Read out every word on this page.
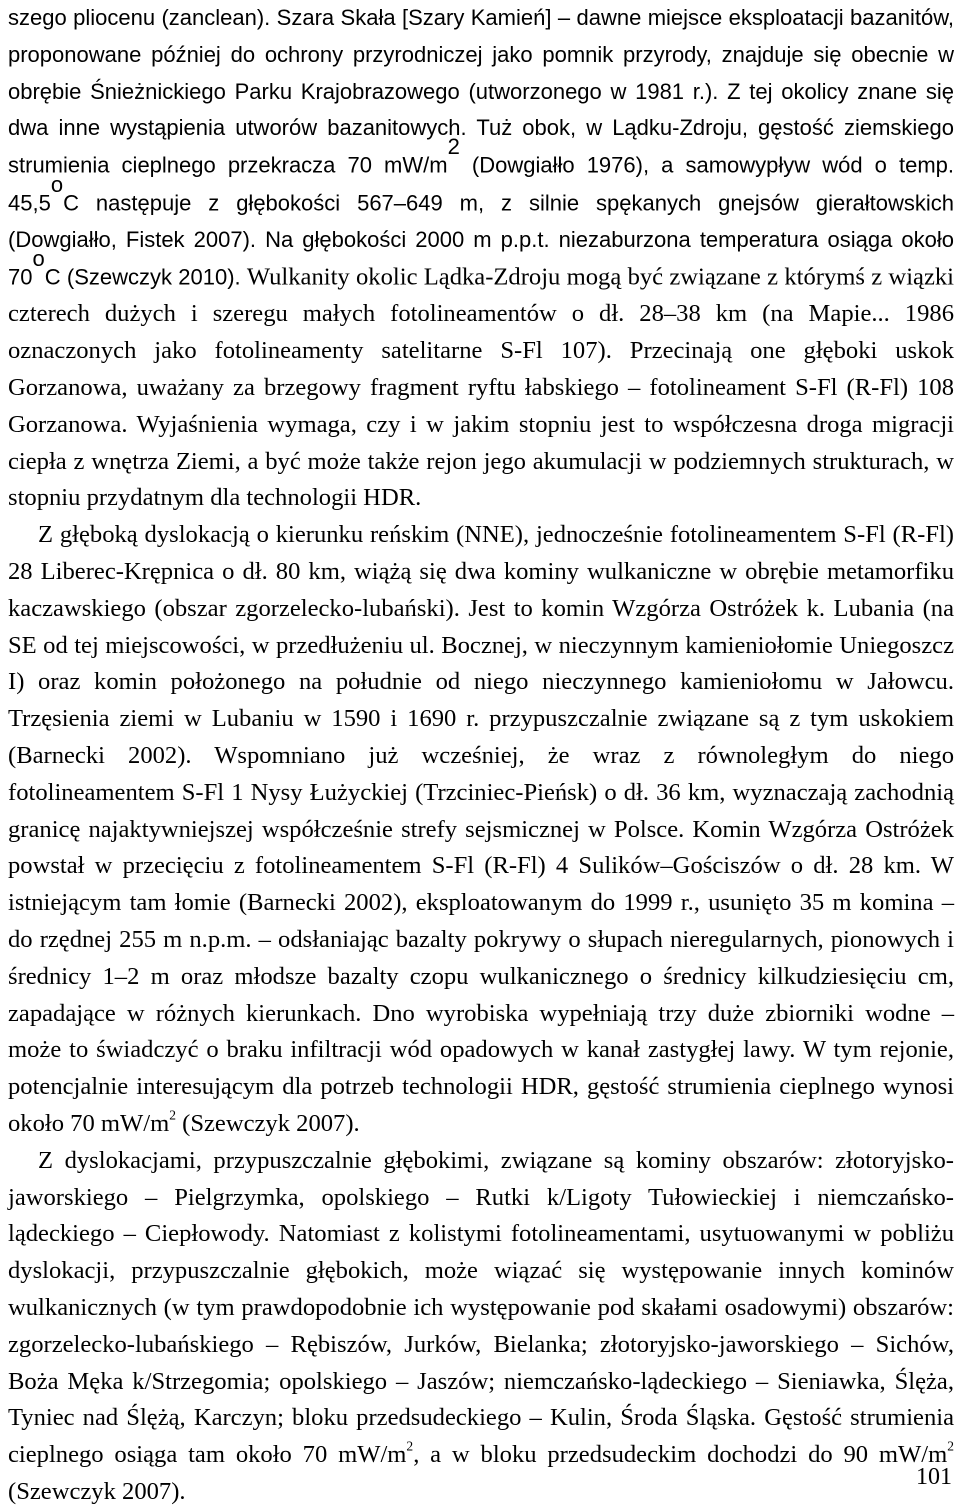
szego pliocenu (zanclean). Szara Skała [Szary Kamień] – dawne miejsce eksploatacji bazanitów, proponowane później do ochrony przyrodniczej jako pomnik przyrody, znajduje się obecnie w obrębie Śnieżnickiego Parku Krajobrazowego (utworzonego w 1981 r.). Z tej okolicy znane się dwa inne wystąpienia utworów bazanitowych. Tuż obok, w Lądku-Zdroju, gęstość ziemskiego strumienia cieplnego przekracza 70 $mW/m^2$ (Dowgiałło 1976), a samowypływ wód o temp. 45,5$^o$C następuje z głębokości 567–649 m, z silnie spękanych gnejsów gierałtowskich (Dowgiałło, Fistek 2007). Na głębokości 2000 m p.p.t. niezaburzona temperatura osiąga około 70$^o$C (Szewczyk 2010). Wulkanity okolic Lądka-Zdroju mogą być związane z którymś z wiązki czterech dużych i szeregu małych fotolineamentów o dł. 28–38 km (na Mapie... 1986 oznaczonych jako fotolineamenty satelitarne S-Fl 107). Przecinają one głęboki uskok Gorzanowa, uważany za brzegowy fragment ryftu łabskiego – fotolineament S-Fl (R-Fl) 108 Gorzanowa. Wyjaśnienia wymaga, czy i w jakim stopniu jest to współczesna droga migracji ciepła z wnętrza Ziemi, a być może także rejon jego akumulacji w podziemnych strukturach, w stopniu przydatnym dla technologii HDR.

Z głęboką dyslokacją o kierunku reńskim (NNE), jednocześnie fotolineamentem S-Fl (R-Fl) 28 Liberec-Krępnica o dł. 80 km, wiążą się dwa kominy wulkaniczne w obrębie metamorfiku kaczawskiego (obszar zgorzelecko-lubański). Jest to komin Wzgórza Ostróżek k. Lubania (na SE od tej miejscowości, w przedłużeniu ul. Bocznej, w nieczynnym kamieniołomie Uniegoszcz I) oraz komin położonego na południe od niego nieczynnego kamieniołomu w Jałowcu. Trzęsienia ziemi w Lubaniu w 1590 i 1690 r. przypuszczalnie związane są z tym uskokiem (Barnecki 2002). Wspomniano już wcześniej, że wraz z równoległym do niego fotolineamentem S-Fl 1 Nysy Łużyckiej (Trzciniec-Pieńsk) o dł. 36 km, wyznaczają zachodnią granicę najaktywniejszej współcześnie strefy sejsmicznej w Polsce. Komin Wzgórza Ostróżek powstał w przecięciu z fotolineamentem S-Fl (R-Fl) 4 Sulików–Gościszów o dł. 28 km. W istniejącym tam łomie (Barnecki 2002), eksploatowanym do 1999 r., usunięto 35 m komina – do rzędnej 255 m n.p.m. – odsłaniając bazalty pokrywy o słupach nieregularnych, pionowych i średnicy 1–2 m oraz młodsze bazalty czopu wulkanicznego o średnicy kilkudziesięciu cm, zapadające w różnych kierunkach. Dno wyrobiska wypełniają trzy duże zbiorniki wodne – może to świadczyć o braku infiltracji wód opadowych w kanał zastygłej lawy. W tym rejonie, potencjalnie interesującym dla potrzeb technologii HDR, gęstość strumienia cieplnego wynosi około 70 $mW/m^2$ (Szewczyk 2007).

Z dyslokacjami, przypuszczalnie głębokimi, związane są kominy obszarów: złotoryjsko-jaworskiego – Pielgrzymka, opolskiego – Rutki k/Ligoty Tułowieckiej i niemczańsko-lądeckiego – Ciepłowody. Natomiast z kolistymi fotolineamentami, usytuowanymi w pobliżu dyslokacji, przypuszczalnie głębokich, może wiązać się występowanie innych kominów wulkanicznych (w tym prawdopodobnie ich występowanie pod skałami osadowymi) obszarów: zgorzelecko-lubańskiego – Rębiszów, Jurków, Bielanka; złotoryjsko-jaworskiego – Sichów, Boża Męka k/Strzegomia; opolskiego – Jaszów; niemczańsko-lądeckiego – Sieniawka, Ślęża, Tyniec nad Ślężą, Karczyn; bloku przedsudeckiego – Kulin, Środa Śląska. Gęstość strumienia cieplnego osiąga tam około 70 $mW/m^2$, a w bloku przedsudeckim dochodzi do 90 $mW/m^2$ (Szewczyk 2007).

101
